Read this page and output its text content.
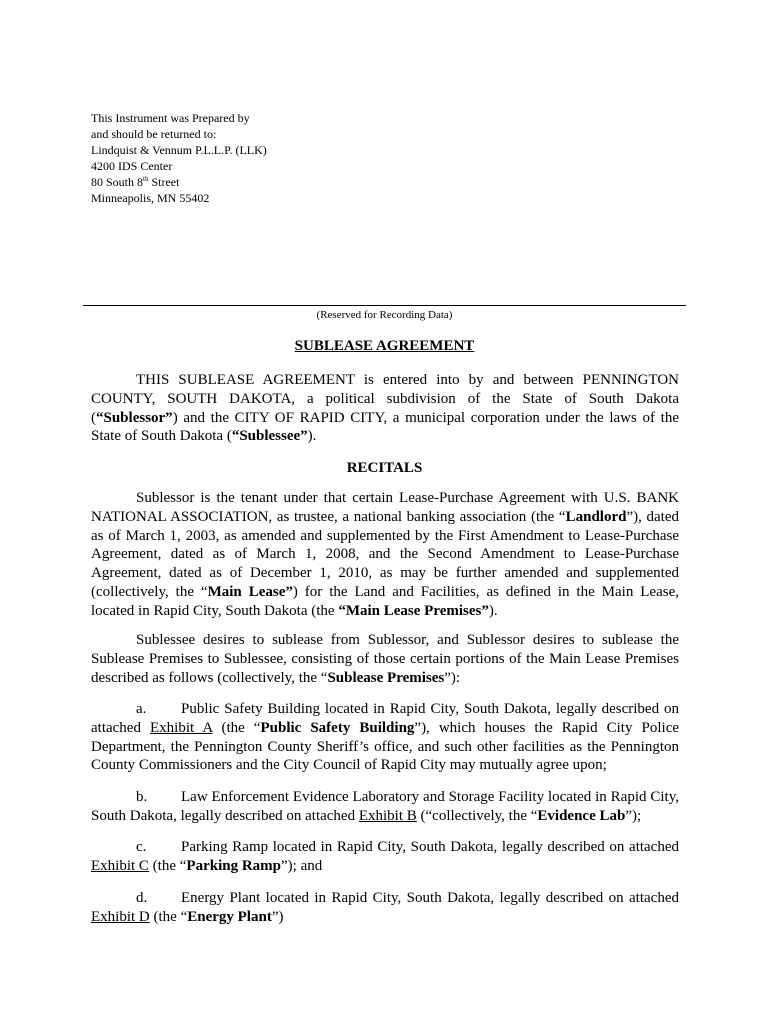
This Instrument was Prepared by
and should be returned to:
Lindquist & Vennum P.L.L.P. (LLK)
4200 IDS Center
80 South 8th Street
Minneapolis, MN 55402
(Reserved for Recording Data)
SUBLEASE AGREEMENT
THIS SUBLEASE AGREEMENT is entered into by and between PENNINGTON COUNTY, SOUTH DAKOTA, a political subdivision of the State of South Dakota (“Sublessor”) and the CITY OF RAPID CITY, a municipal corporation under the laws of the State of South Dakota (“Sublessee”).
RECITALS
Sublessor is the tenant under that certain Lease-Purchase Agreement with U.S. BANK NATIONAL ASSOCIATION, as trustee, a national banking association (the “Landlord”), dated as of March 1, 2003, as amended and supplemented by the First Amendment to Lease-Purchase Agreement, dated as of March 1, 2008, and the Second Amendment to Lease-Purchase Agreement, dated as of December 1, 2010, as may be further amended and supplemented (collectively, the “Main Lease”) for the Land and Facilities, as defined in the Main Lease, located in Rapid City, South Dakota (the “Main Lease Premises”).
Sublessee desires to sublease from Sublessor, and Sublessor desires to sublease the Sublease Premises to Sublessee, consisting of those certain portions of the Main Lease Premises described as follows (collectively, the “Sublease Premises”):
a. Public Safety Building located in Rapid City, South Dakota, legally described on attached Exhibit A (the “Public Safety Building”), which houses the Rapid City Police Department, the Pennington County Sheriff’s office, and such other facilities as the Pennington County Commissioners and the City Council of Rapid City may mutually agree upon;
b. Law Enforcement Evidence Laboratory and Storage Facility located in Rapid City, South Dakota, legally described on attached Exhibit B (“collectively, the “Evidence Lab”);
c. Parking Ramp located in Rapid City, South Dakota, legally described on attached Exhibit C (the “Parking Ramp”); and
d. Energy Plant located in Rapid City, South Dakota, legally described on attached Exhibit D (the “Energy Plant”)
